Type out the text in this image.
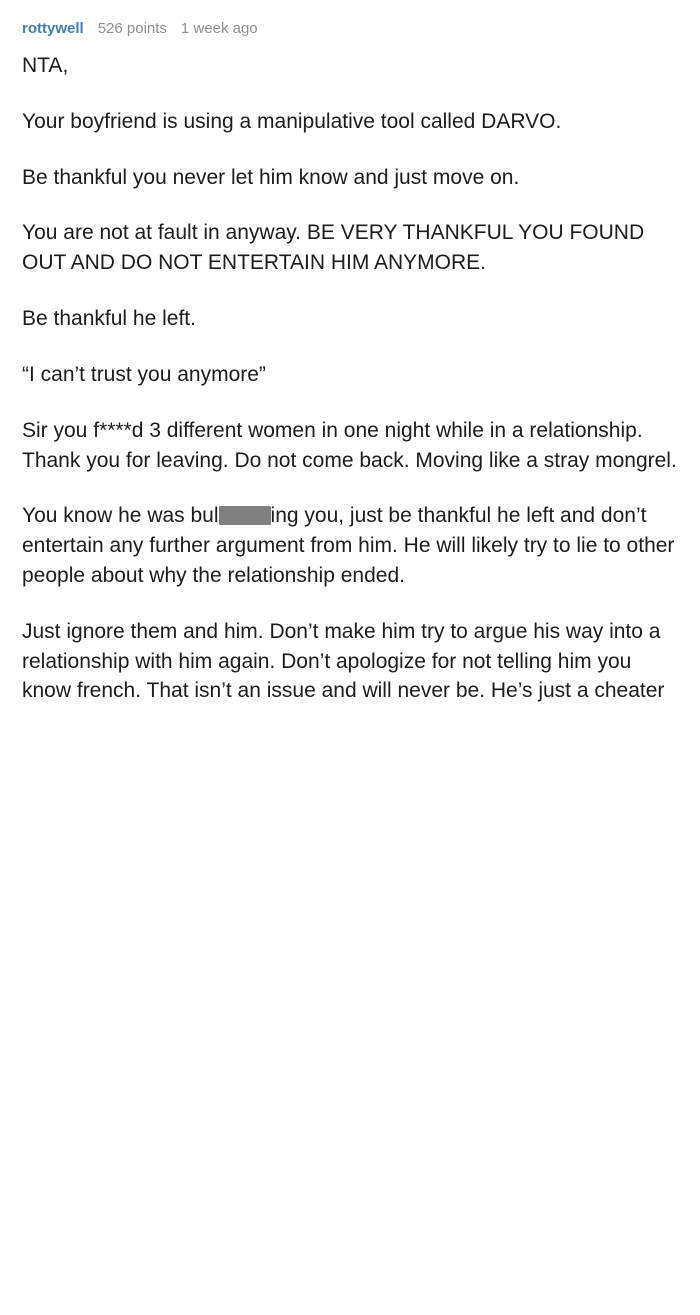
rottywell 526 points 1 week ago

NTA,

Your boyfriend is using a manipulative tool called DARVO.

Be thankful you never let him know and just move on.

You are not at fault in anyway. BE VERY THANKFUL YOU FOUND OUT AND DO NOT ENTERTAIN HIM ANYMORE.

Be thankful he left.

“I can’t trust you anymore”

Sir you f****d 3 different women in one night while in a relationship. Thank you for leaving. Do not come back. Moving like a stray mongrel.

You know he was bul ing you, just be thankful he left and don’t entertain any further argument from him. He will likely try to lie to other people about why the relationship ended.

Just ignore them and him. Don’t make him try to argue his way into a relationship with him again. Don’t apologize for not telling him you know french. That isn’t an issue and will never be. He’s just a cheater
